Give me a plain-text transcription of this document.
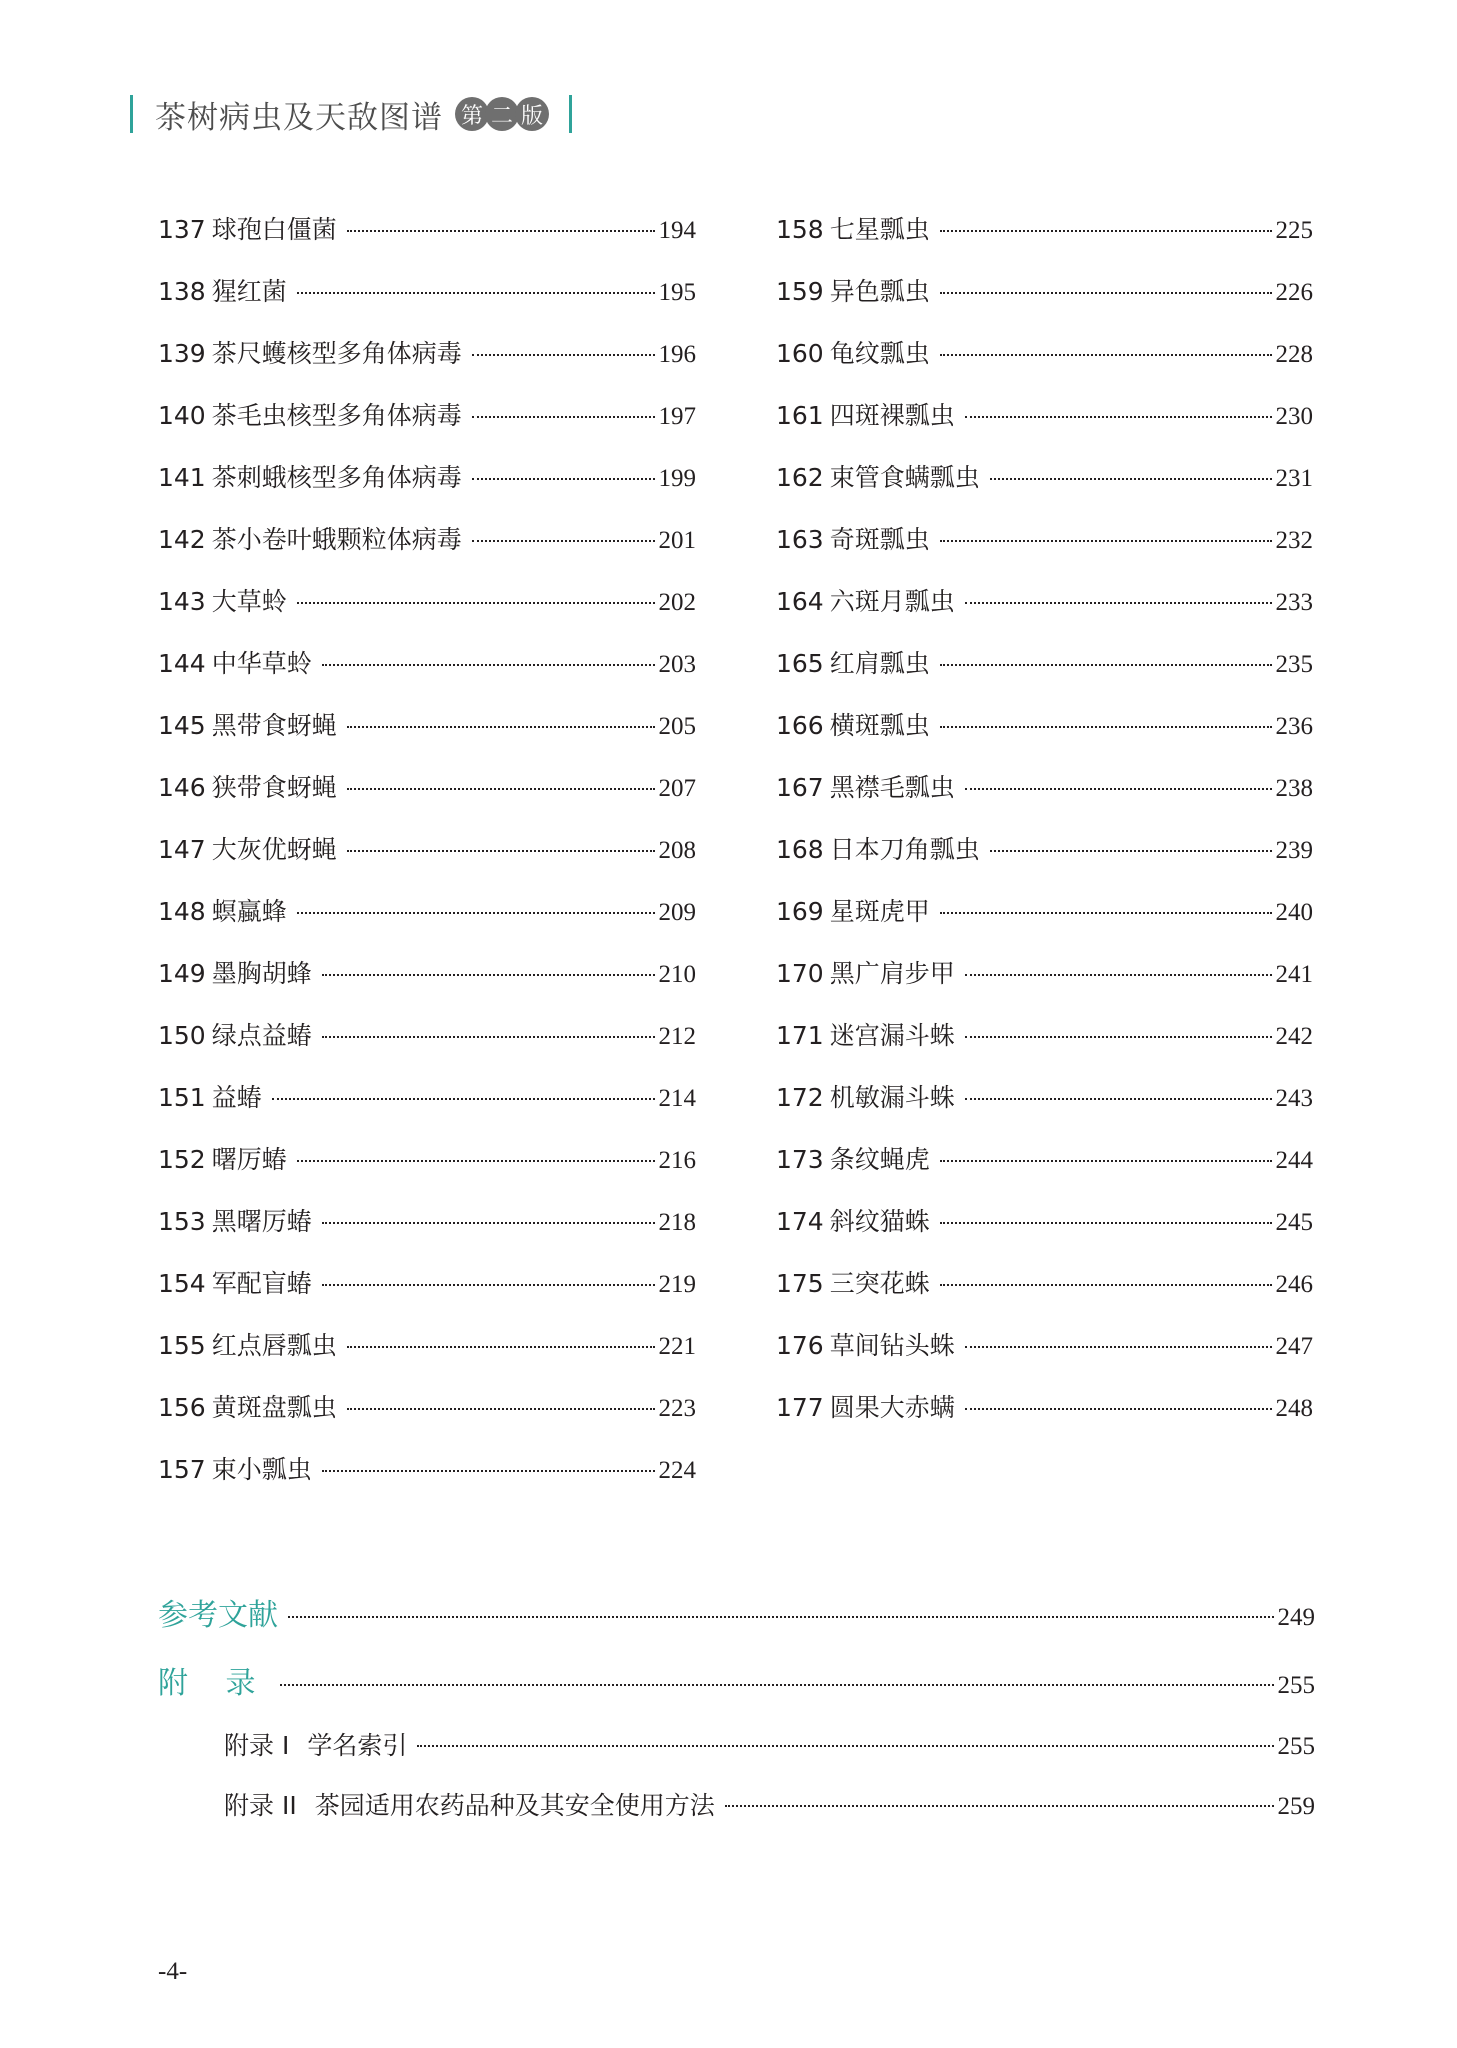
茶树病虫及天敌图谱 第 二 版
137 球孢白僵菌	194
138 猩红菌	195
139 茶尺蠖核型多角体病毒	196
140 茶毛虫核型多角体病毒	197
141 茶刺蛾核型多角体病毒	199
142 茶小卷叶蛾颗粒体病毒	201
143 大草蛉	202
144 中华草蛉	203
145 黑带食蚜蝇	205
146 狭带食蚜蝇	207
147 大灰优蚜蝇	208
148 螟蠃蜂	209
149 墨胸胡蜂	210
150 绿点益蝽	212
151 益蝽	214
152 曙厉蝽	216
153 黑曙厉蝽	218
154 军配盲蝽	219
155 红点唇瓢虫	221
156 黄斑盘瓢虫	223
157 束小瓢虫	224
158 七星瓢虫	225
159 异色瓢虫	226
160 龟纹瓢虫	228
161 四斑裸瓢虫	230
162 束管食螨瓢虫	231
163 奇斑瓢虫	232
164 六斑月瓢虫	233
165 红肩瓢虫	235
166 横斑瓢虫	236
167 黑襟毛瓢虫	238
168 日本刀角瓢虫	239
169 星斑虎甲	240
170 黑广肩步甲	241
171 迷宫漏斗蛛	242
172 机敏漏斗蛛	243
173 条纹蝇虎	244
174 斜纹猫蛛	245
175 三突花蛛	246
176 草间钻头蛛	247
177 圆果大赤螨	248
参考文献	249
附 录	255
附录 I 学名索引	255
附录 II 茶园适用农药品种及其安全使用方法	259
-4-
